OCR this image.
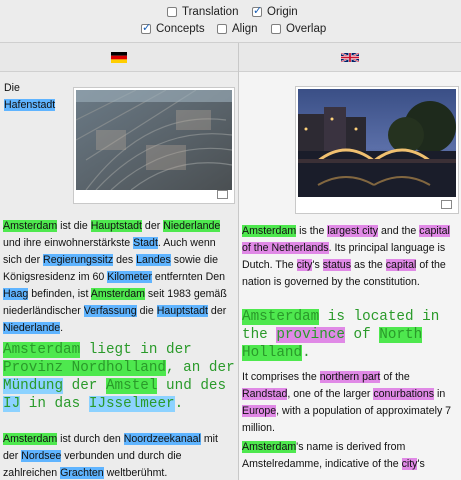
Translation
✓ Origin
✓
Concepts Align Overlap
Die
Hafenstadt
Amsterdam ist die Hauptstadt der Niederlande und ihre einwohnerstärkste Stadt. Auch wenn sich der Regierungssitz des Landes sowie die Königsresidenz im 60 Kilometer entfernten Den Haag befinden, ist Amsterdam seit 1983 gemäß niederländischer Verfassung die Hauptstadt der Niederlande.
Amsterdam liegt in der Provinz Nordholland, an der Mündung der Amstel und des IJ in das IJsselmeer.
Amsterdam ist durch den Noordzeekanaal mit der Nordsee verbunden und durch die zahlreichen Grachten weltberühmt.
Amsterdam is the largest city and the capital of the Netherlands. Its principal language is Dutch. The city's status as the capital of the nation is governed by the constitution.
Amsterdam is located in the province of North Holland.
It comprises the northern part of the Randstad, one of the larger conurbations in Europe, with a population of approximately 7 million.
Amsterdam's name is derived from Amstelredamme, indicative of the city's
